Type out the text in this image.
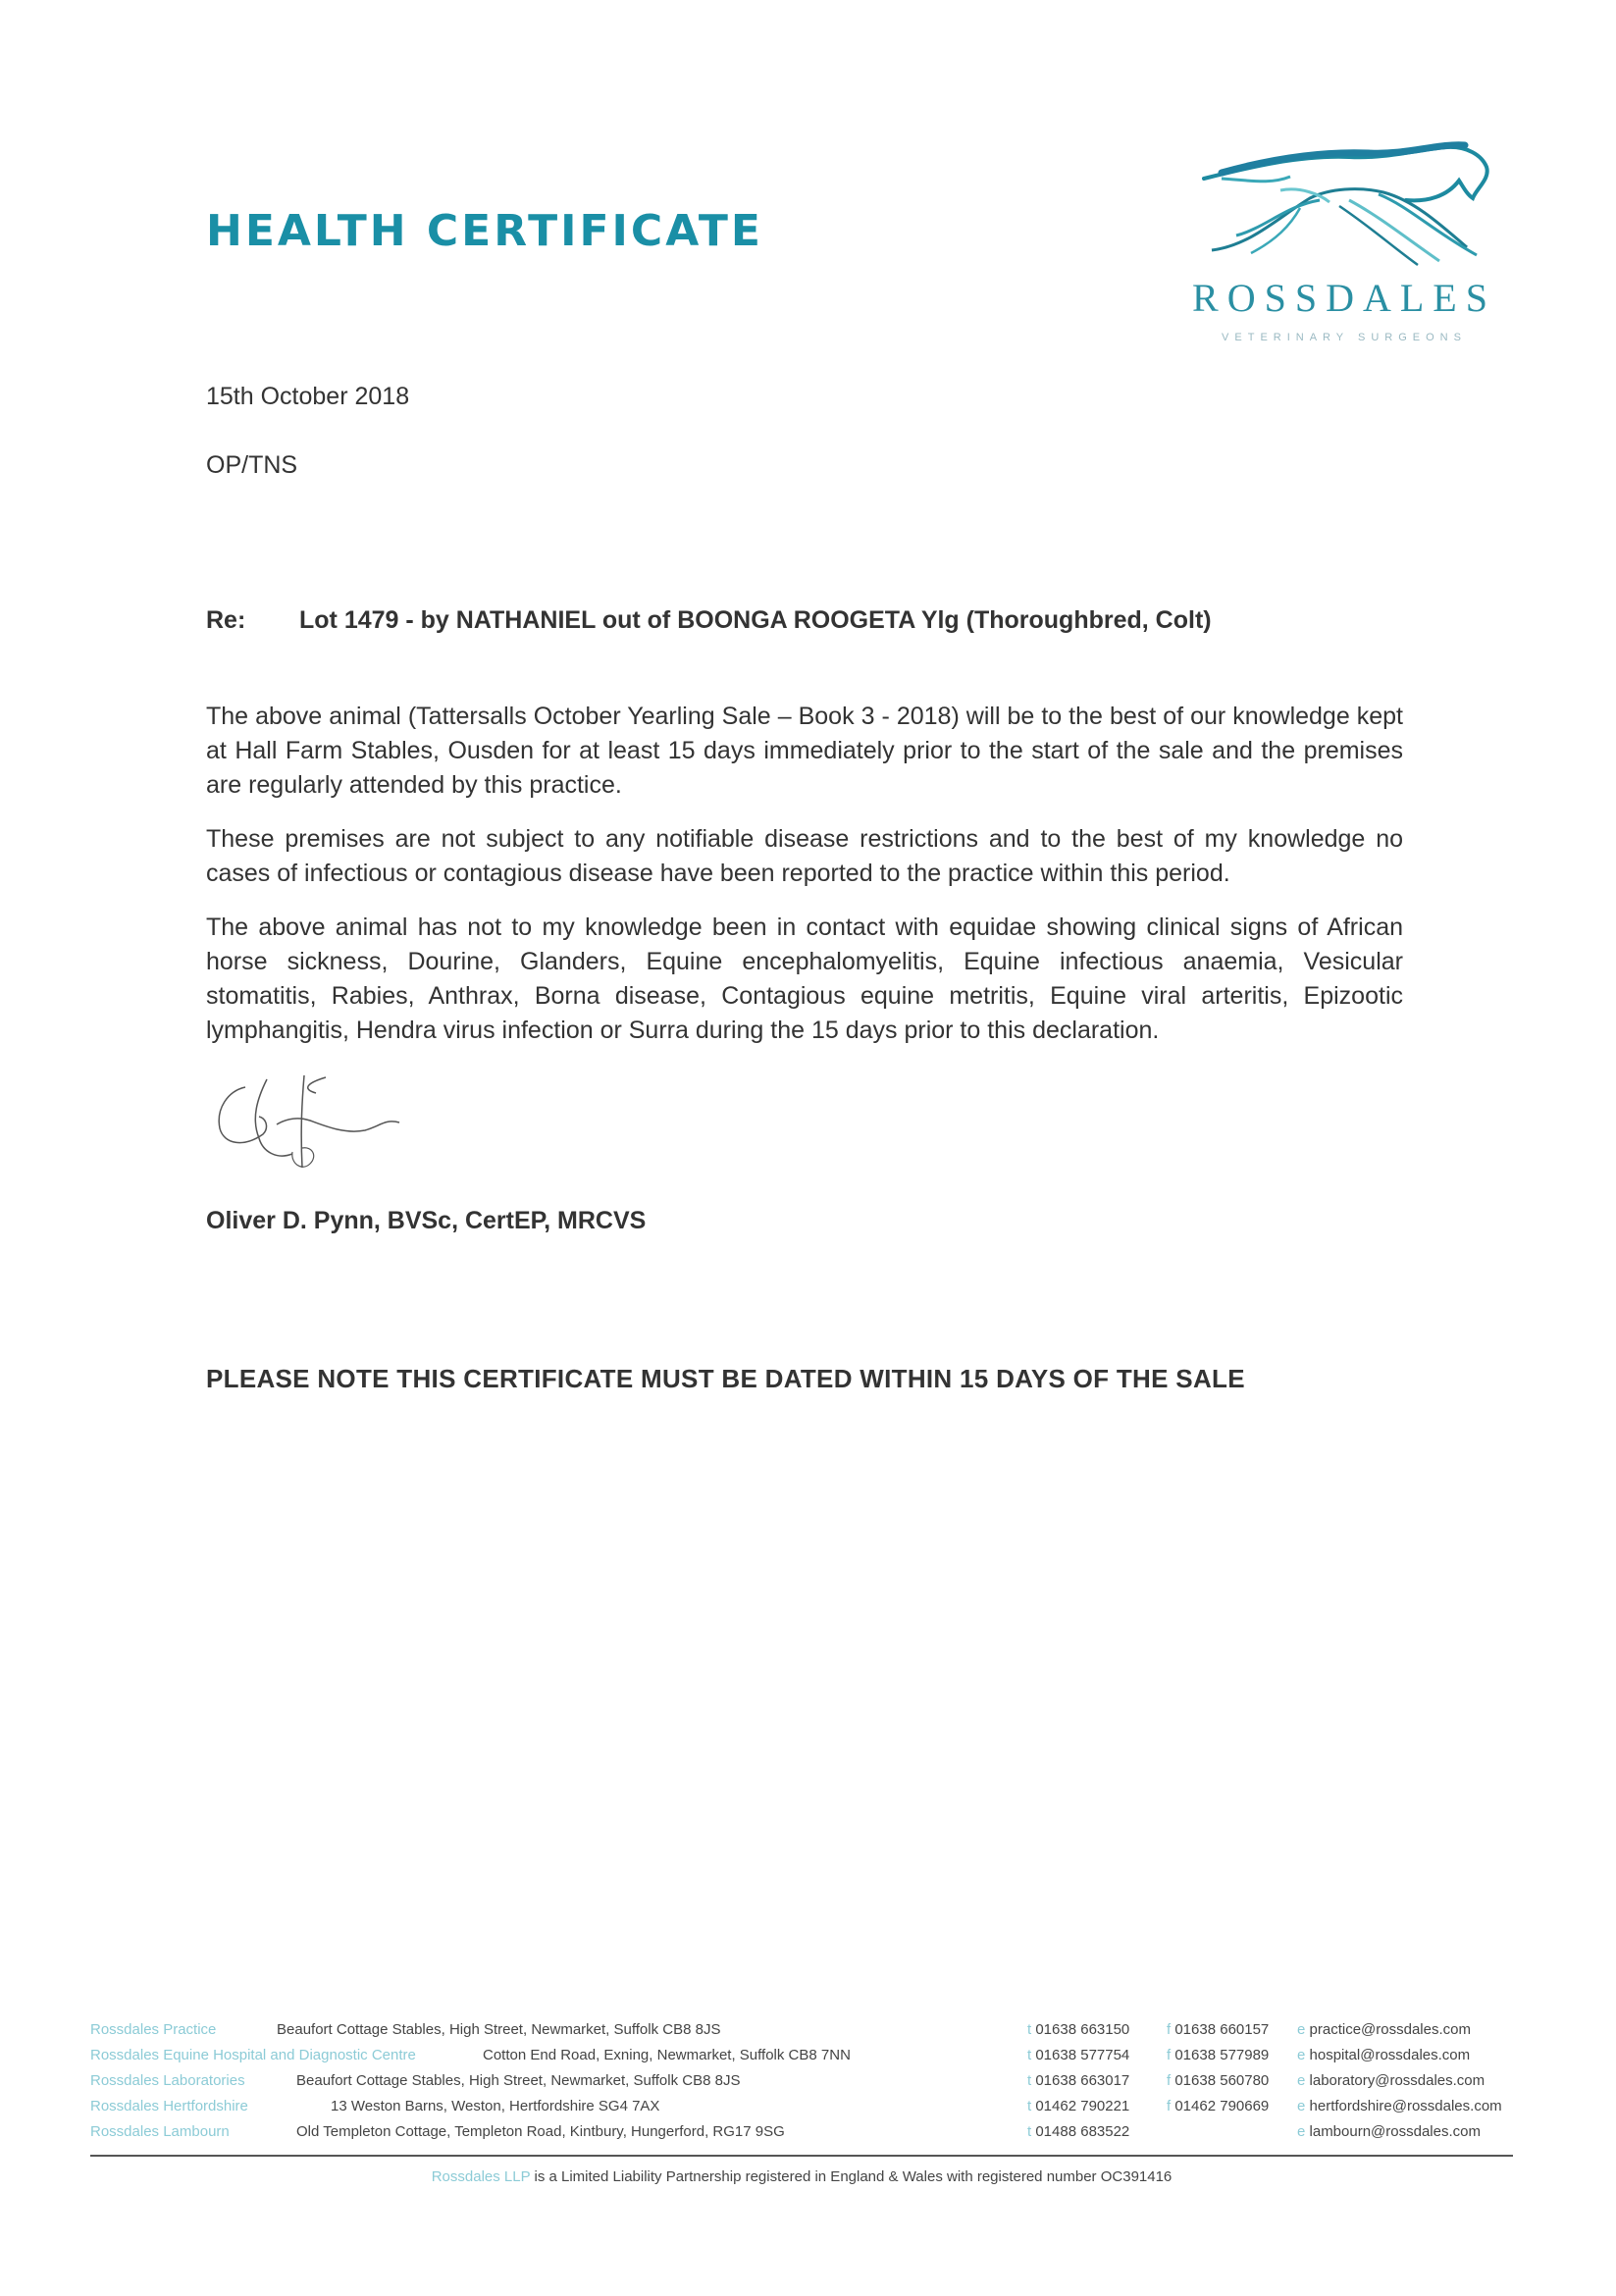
HEALTH CERTIFICATE
ROSSDALES
VETERINARY SURGEONS
15th October 2018
OP/TNS
Re: Lot 1479 - by NATHANIEL out of BOONGA ROOGETA Ylg (Thoroughbred, Colt)

The above animal (Tattersalls October Yearling Sale – Book 3 - 2018) will be to the best of our knowledge kept at Hall Farm Stables, Ousden for at least 15 days immediately prior to the start of the sale and the premises are regularly attended by this practice.

These premises are not subject to any notifiable disease restrictions and to the best of my knowledge no cases of infectious or contagious disease have been reported to the practice within this period.

The above animal has not to my knowledge been in contact with equidae showing clinical signs of African horse sickness, Dourine, Glanders, Equine encephalomyelitis, Equine infectious anaemia, Vesicular stomatitis, Rabies, Anthrax, Borna disease, Contagious equine metritis, Equine viral arteritis, Epizootic lymphangitis, Hendra virus infection or Surra during the 15 days prior to this declaration.

Oliver D. Pynn, BVSc, CertEP, MRCVS
PLEASE NOTE THIS CERTIFICATE MUST BE DATED WITHIN 15 DAYS OF THE SALE
Rossdales Practice	Beaufort Cottage Stables, High Street, Newmarket, Suffolk CB8 8JS	t 01638 663150	f 01638 660157 e practice@rossdales.com
Rossdales Equine Hospital and Diagnostic Centre	Cotton End Road, Exning, Newmarket, Suffolk CB8 7NN	t 01638 577754	f 01638 577989 e hospital@rossdales.com
Rossdales Laboratories	Beaufort Cottage Stables, High Street, Newmarket, Suffolk CB8 8JS	t 01638 663017	f 01638 560780 e laboratory@rossdales.com
Rossdales Hertfordshire	13 Weston Barns, Weston, Hertfordshire SG4 7AX	t 01462 790221	f 01462 790669 e hertfordshire@rossdales.com
Rossdales Lambourn	Old Templeton Cottage, Templeton Road, Kintbury, Hungerford, RG17 9SG	t 01488 683522	e lambourn@rossdales.com
Rossdales LLP is a Limited Liability Partnership registered in England & Wales with registered number OC391416
